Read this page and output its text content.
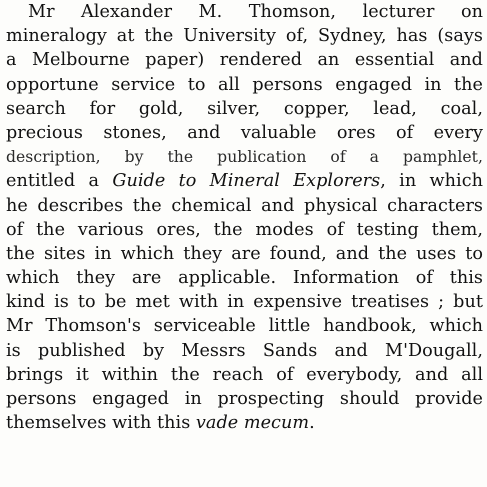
Mr Alexander M. Thomson, lecturer on
mineralogy at the University of, Sydney, has (says
a Melbourne paper) rendered an essential and
opportune service to all persons engaged in the
search for gold, silver, copper, lead, coal,
precious stones, and valuable ores of every
description, by the publication of a pamphlet,
entitled a Guide to Mineral Explorers, in which
he describes the chemical and physical characters
of the various ores, the modes of testing them,
the sites in which they are found, and the uses to
which they are applicable. Information of this
kind is to be met with in expensive treatises ; but
Mr Thomson's serviceable little handbook, which
is published by Messrs Sands and M'Dougall,
brings it within the reach of everybody, and all
persons engaged in prospecting should provide
themselves with this vade mecum.
